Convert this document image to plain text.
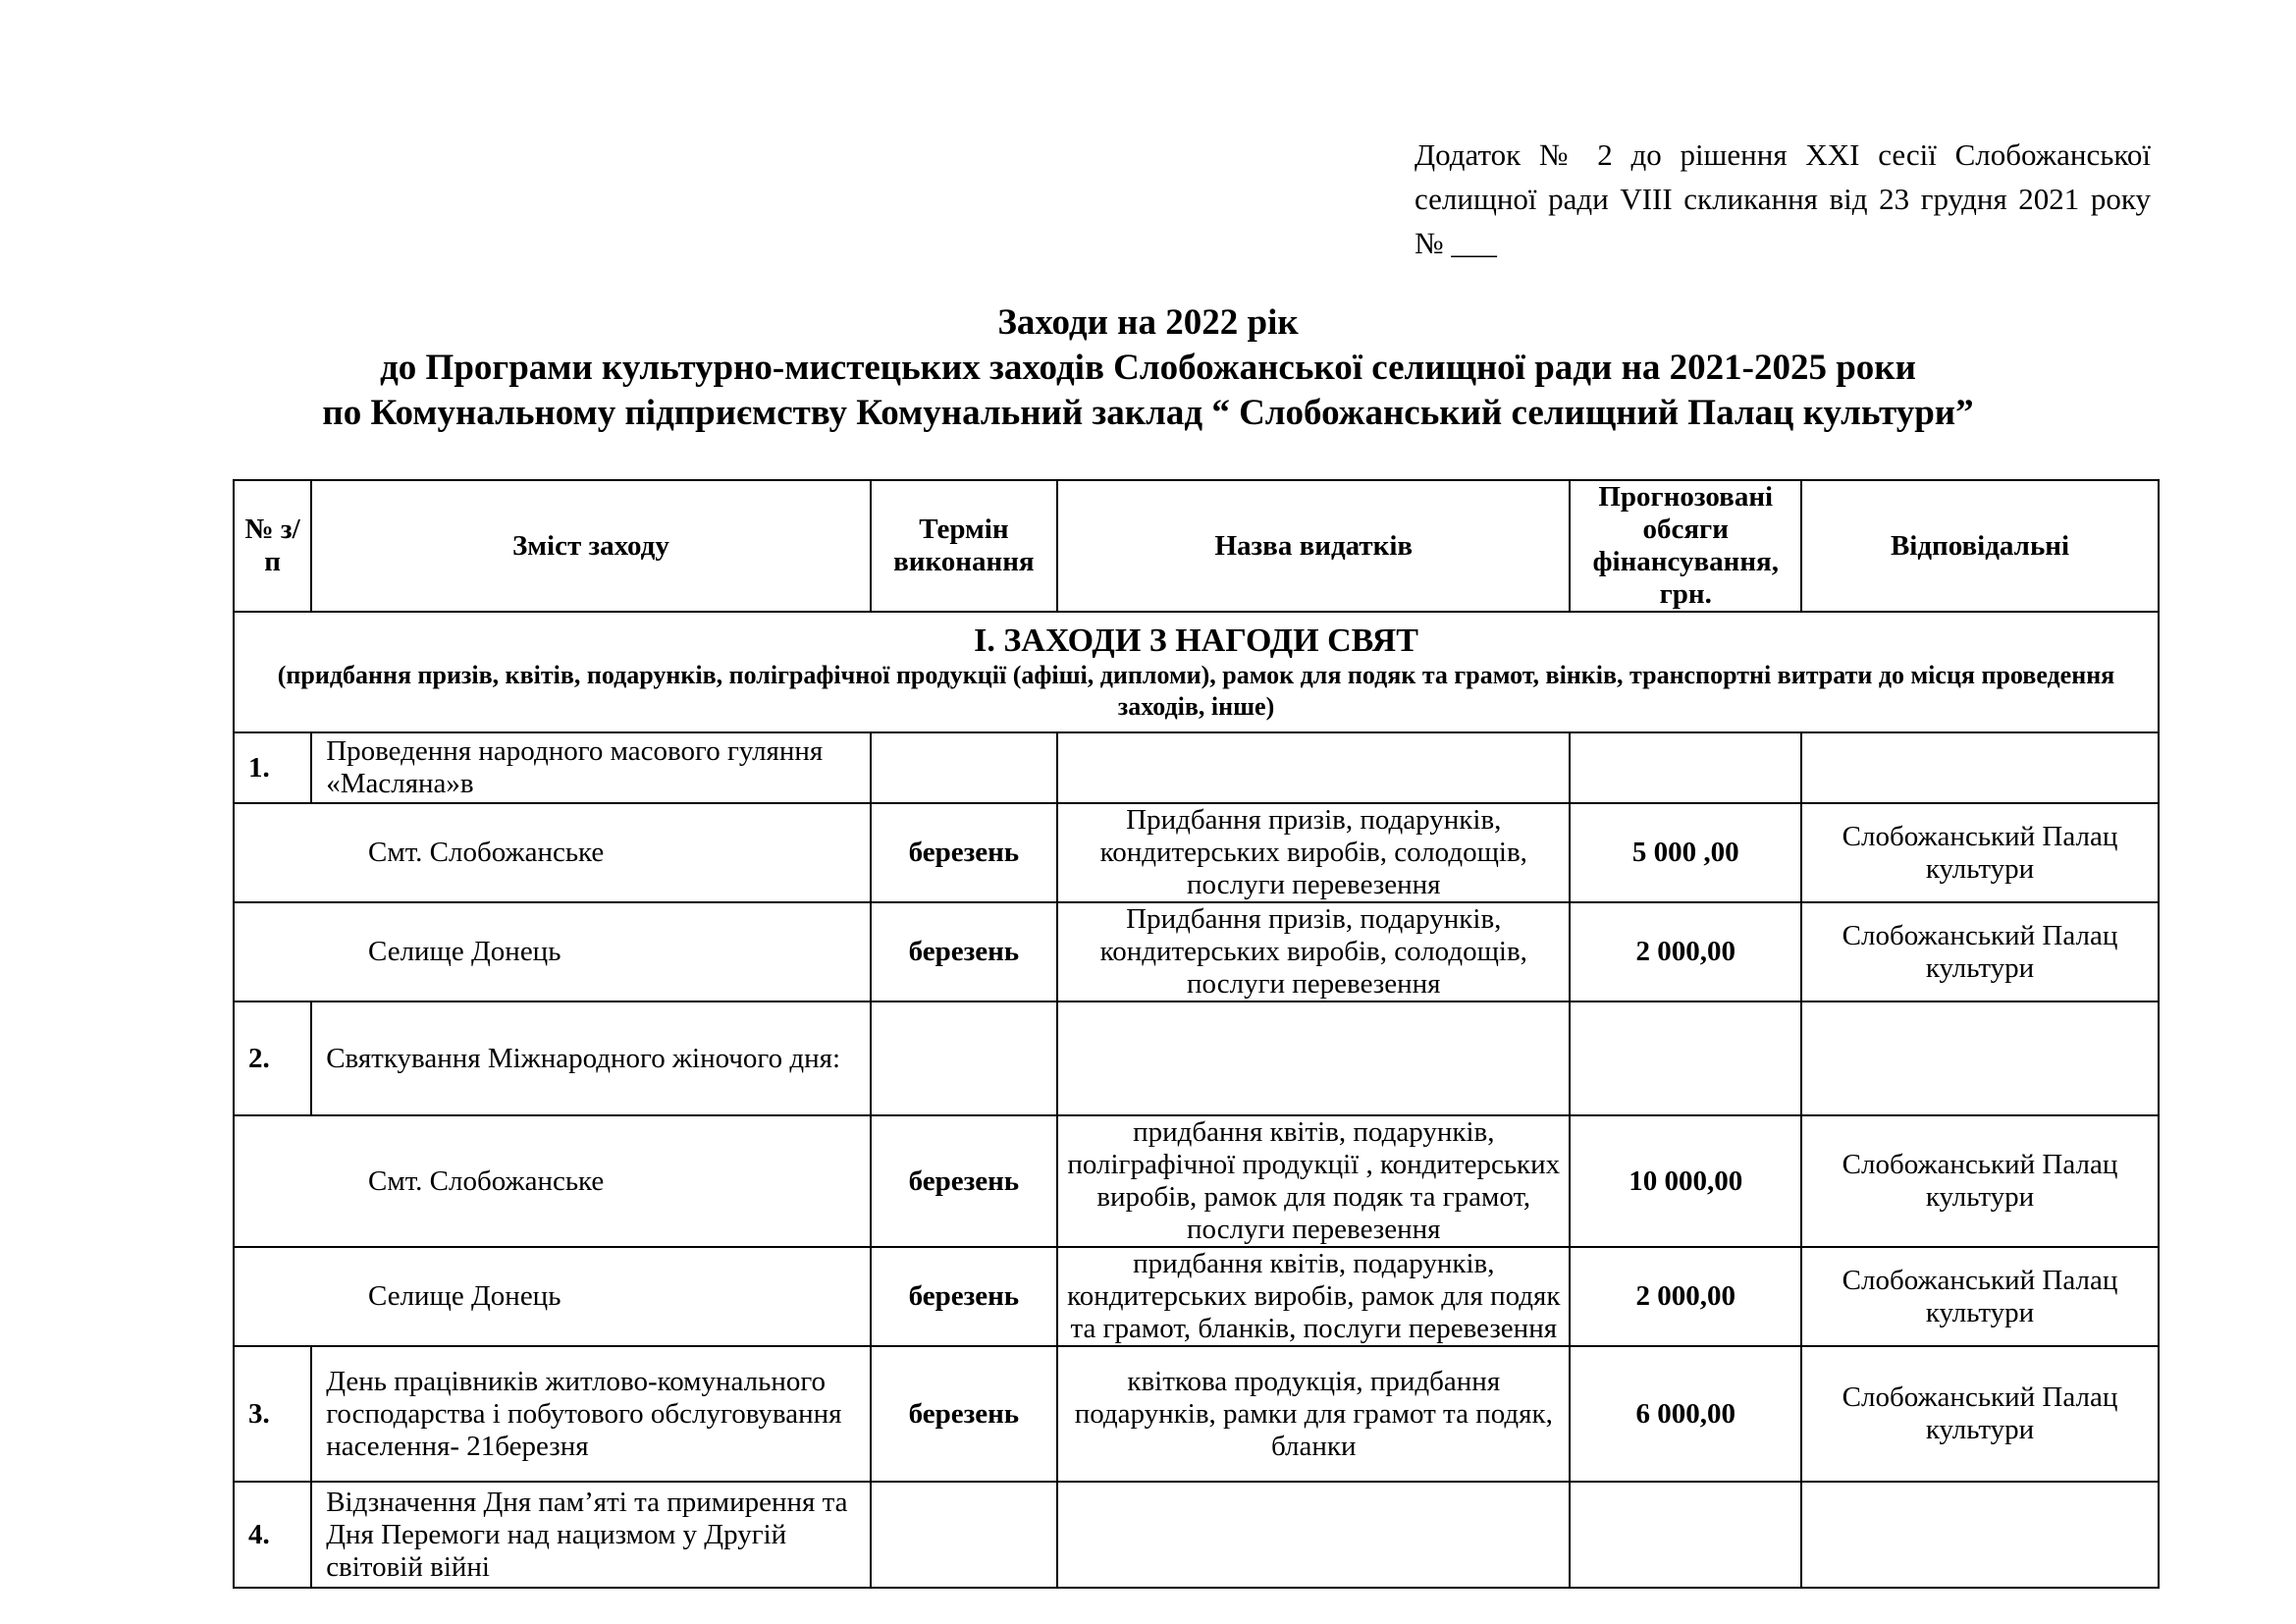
Додаток № 2 до рішення XXI сесії Слобожанської селищної ради VIII скликання від 23 грудня 2021 року № ___
Заходи на 2022 рік
до Програми культурно-мистецьких заходів Слобожанської селищної ради на 2021-2025 роки
по Комунальному підприємству Комунальний заклад “ Слобожанський селищний Палац культури”
№ з/п	Зміст заходу	Термін виконання	Назва видатків	Прогнозовані обсяги фінансування, грн.	Відповідальні

І. ЗАХОДИ З НАГОДИ СВЯТ
(придбання призів, квітів, подарунків, поліграфічної продукції (афіші, дипломи), рамок для подяк та грамот, вінків, транспортні витрати до місця проведення заходів, інше)					

1.	Проведення народного масового гуляння «Масляна»в				
Смт. Слобожанське		березень	Придбання призів, подарунків, кондитерських виробів, солодощів, послуги перевезення	5 000 ,00	Слобожанський Палац культури
Селище Донець		березень	Придбання призів, подарунків, кондитерських виробів, солодощів, послуги перевезення	2 000,00	Слобожанський Палац культури
2.	Святкування Міжнародного жіночого дня:				
Смт. Слобожанське		березень	придбання квітів, подарунків, поліграфічної продукції , кондитерських виробів, рамок для подяк та грамот, послуги перевезення	10 000,00	Слобожанський Палац культури
Селище Донець		березень	придбання квітів, подарунків, кондитерських виробів, рамок для подяк та грамот, бланків, послуги перевезення	2 000,00	Слобожанський Палац культури
3.	День працівників житлово-комунального господарства і побутового обслуговування населення- 21березня	березень	квіткова продукція, придбання подарунків, рамки для грамот та подяк, бланки	6 000,00	Слобожанський Палац культури
4.	Відзначення Дня пам’яті та примирення та Дня Перемоги над нацизмом у Другій світовій війні				
